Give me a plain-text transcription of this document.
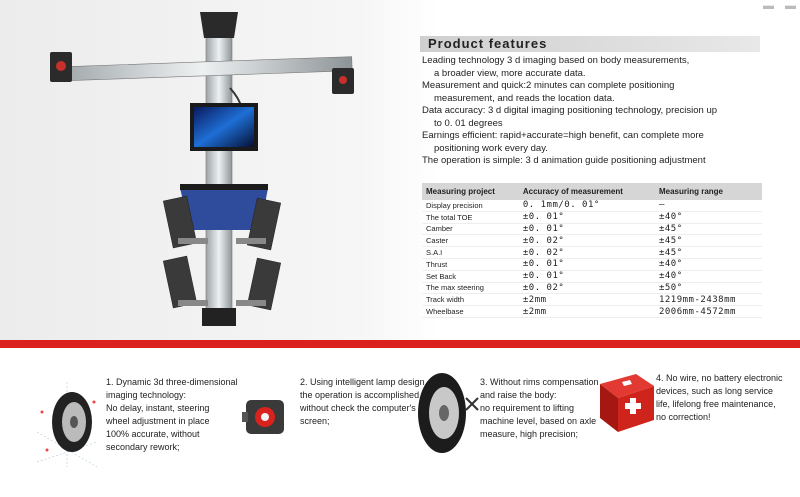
▬ ▬
Product features

Leading technology 3 d imaging based on body measurements,

a broader view, more accurate data.

Measurement and quick:2 minutes can complete positioning

measurement, and reads the location data.

Data accuracy: 3 d digital imaging positioning technology, precision up

to 0. 01 degrees

Earnings efficient: rapid+accurate=high benefit, can complete more

positioning work every day.

The operation is simple: 3 d animation guide positioning adjustment

Measuring project	Accuracy of measurement	Measuring range
Display precision	0. 1mm/0. 01°	—
The total TOE	±0. 01°	±40°
Camber	±0. 01°	±45°
Caster	±0. 02°	±45°
S.A.I	±0. 02°	±45°
Thrust	±0. 01°	±40°
Set Back	±0. 01°	±40°
The max steering	±0. 02°	±50°
Track width	±2mm	1219mm-2438mm
Wheelbase	±2mm	2006mm-4572mm
1. Dynamic 3d three-dimensional
imaging technology:
No delay, instant, steering
wheel adjustment in place
100% accurate, without
secondary rework;
2. Using intelligent lamp design,
the operation is accomplished
without check the computer's
screen;
3. Without rims compensation
and raise the body:
no requirement to lifting
machine level, based on axle
measure, high precision;
4. No wire, no battery electronic
devices, such as long service
life, lifelong free maintenance,
no correction!
